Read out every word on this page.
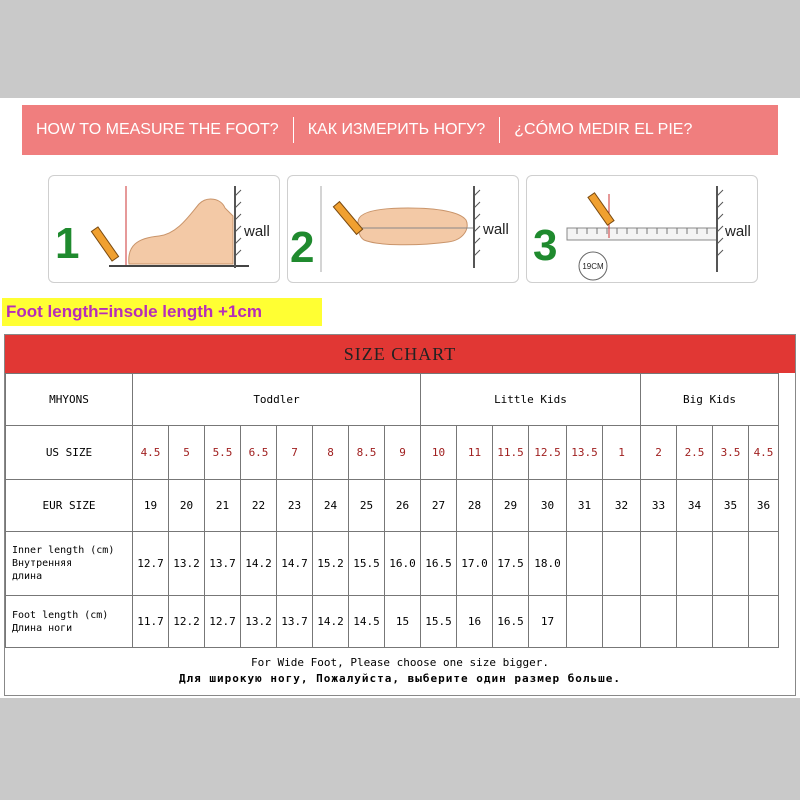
HOW TO MEASURE THE FOOT?	КАК ИЗМЕРИТЬ НОГУ?	¿CÓMO MEDIR EL PIE?
1	wall 2	wall 3	19CM
wall
Foot length=insole length +1cm
SIZE CHART
MHYONS	Toddler								Little Kids						Big Kids			
US SIZE	4.5	5	5.5	6.5	7	8	8.5	9	10	11	11.5	12.5	13.5	1	2	2.5	3.5	4.5
EUR SIZE	19	20	21	22	23	24	25	26	27	28	29	30	31	32	33	34	35	36

Inner length (cm)
Внутренняя
длина	12.7	13.2	13.7	14.2	14.7	15.2	15.5	16.0	16.5	17.0	17.5	18.0						

Foot length (cm)
Длина ноги	11.7	12.2	12.7	13.2	13.7	14.2	14.5	15	15.5	16	16.5	17						
For Wide Foot, Please choose one size bigger.
Для широкую ногу, Пожалуйста, выберите один размер больше.
